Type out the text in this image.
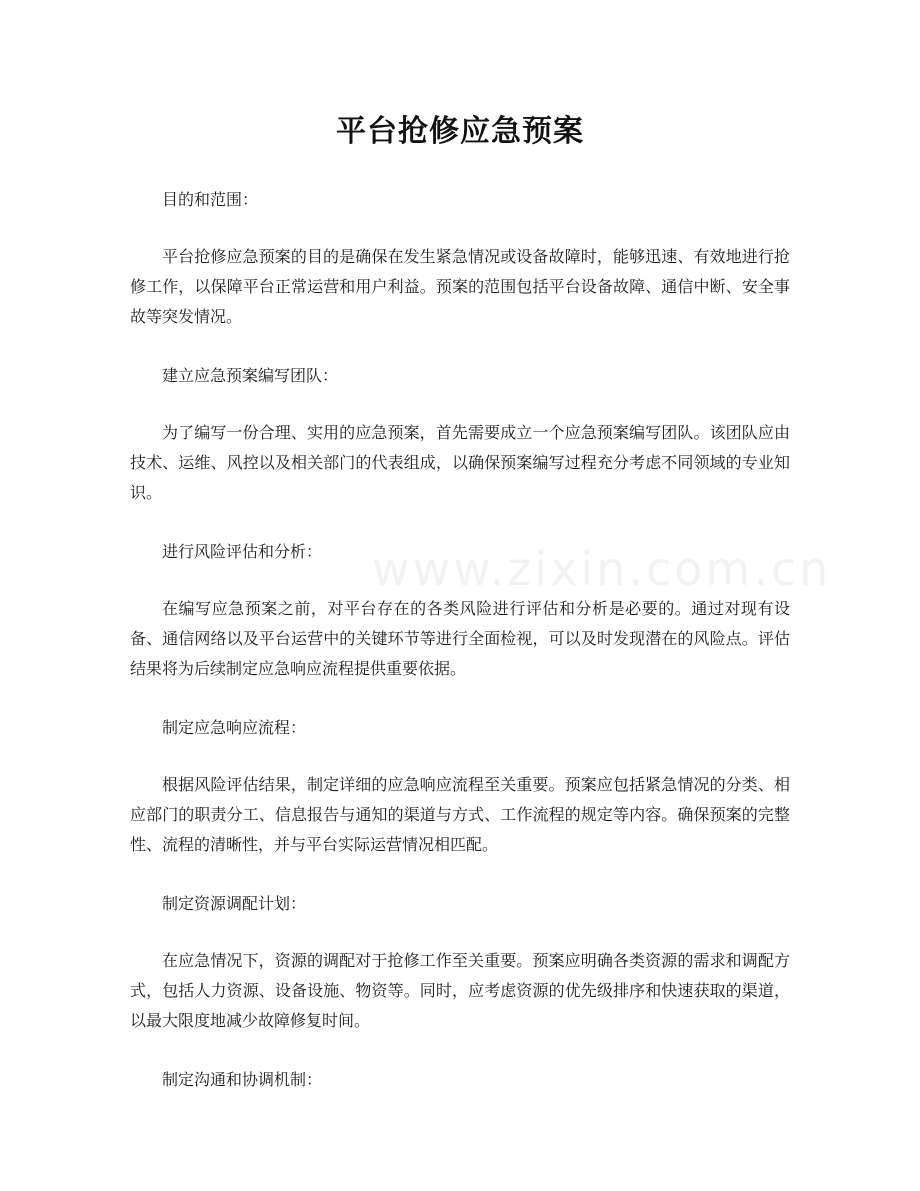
www.zixin.com.cn
平台抢修应急预案

目的和范围：

平台抢修应急预案的目的是确保在发生紧急情况或设备故障时，能够迅速、有效地进行抢修工作，以保障平台正常运营和用户利益。预案的范围包括平台设备故障、通信中断、安全事故等突发情况。

建立应急预案编写团队：

为了编写一份合理、实用的应急预案，首先需要成立一个应急预案编写团队。该团队应由技术、运维、风控以及相关部门的代表组成，以确保预案编写过程充分考虑不同领域的专业知识。

进行风险评估和分析：

在编写应急预案之前，对平台存在的各类风险进行评估和分析是必要的。通过对现有设备、通信网络以及平台运营中的关键环节等进行全面检视，可以及时发现潜在的风险点。评估结果将为后续制定应急响应流程提供重要依据。

制定应急响应流程：

根据风险评估结果，制定详细的应急响应流程至关重要。预案应包括紧急情况的分类、相应部门的职责分工、信息报告与通知的渠道与方式、工作流程的规定等内容。确保预案的完整性、流程的清晰性，并与平台实际运营情况相匹配。

制定资源调配计划：

在应急情况下，资源的调配对于抢修工作至关重要。预案应明确各类资源的需求和调配方式，包括人力资源、设备设施、物资等。同时，应考虑资源的优先级排序和快速获取的渠道，以最大限度地减少故障修复时间。

制定沟通和协调机制：
